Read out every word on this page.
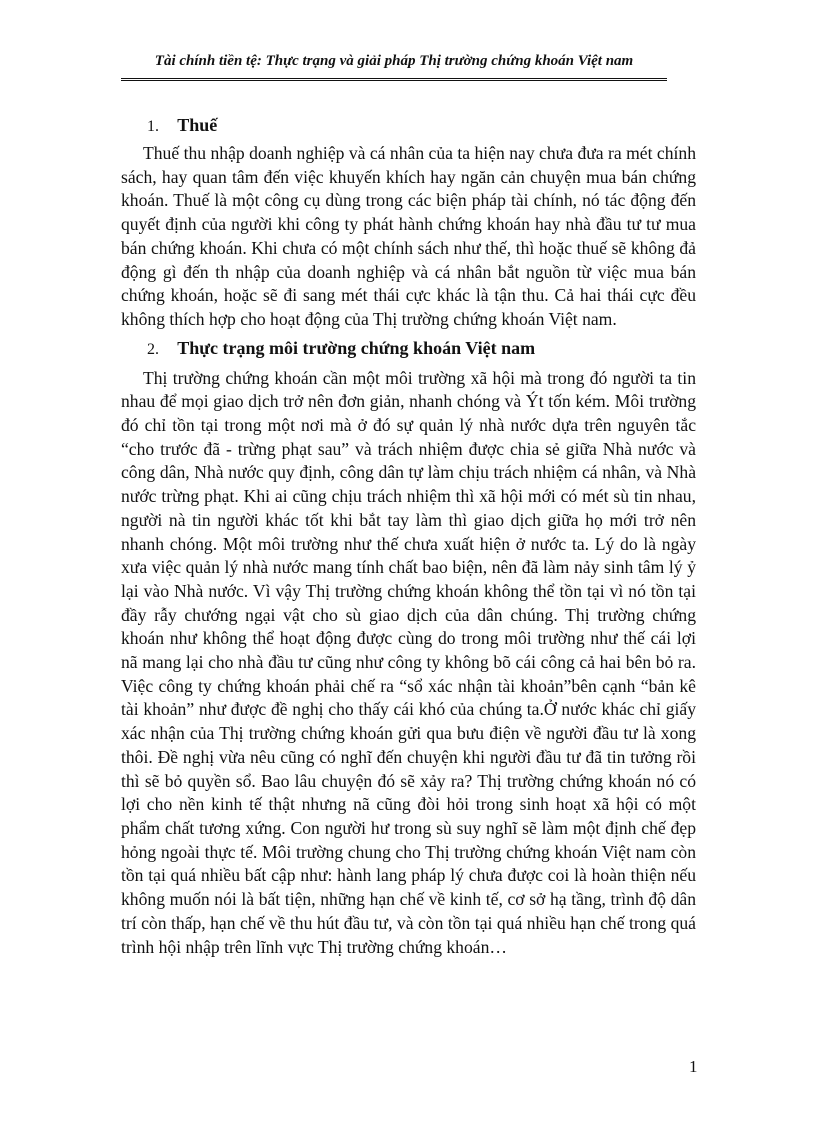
Tài chính tiền tệ: Thực trạng và giải pháp Thị trường chứng khoán Việt nam
1. Thuế

Thuế thu nhập doanh nghiệp và cá nhân của ta hiện nay chưa đưa ra mét chính sách, hay quan tâm đến việc khuyến khích hay ngăn cản chuyện mua bán chứng khoán. Thuế là một công cụ dùng trong các biện pháp tài chính, nó tác động đến quyết định của người khi công ty phát hành chứng khoán hay nhà đầu tư tư mua bán chứng khoán. Khi chưa có một chính sách như thế, thì hoặc thuế sẽ không đả động gì đến th nhập của doanh nghiệp và cá nhân bắt nguồn từ việc mua bán chứng khoán, hoặc sẽ đi sang mét thái cực khác là tận thu. Cả hai thái cực đều không thích hợp cho hoạt động của Thị trường chứng khoán Việt nam.

2. Thực trạng môi trường chứng khoán Việt nam

Thị trường chứng khoán cần một môi trường xã hội mà trong đó người ta tin nhau để mọi giao dịch trở nên đơn giản, nhanh chóng và Ýt tốn kém. Môi trường đó chỉ tồn tại trong một nơi mà ở đó sự quản lý nhà nước dựa trên nguyên tắc “cho trước đã - trừng phạt sau” và trách nhiệm được chia sẻ giữa Nhà nước và công dân, Nhà nước quy định, công dân tự làm chịu trách nhiệm cá nhân, và Nhà nước trừng phạt. Khi ai cũng chịu trách nhiệm thì xã hội mới có mét sù tin nhau, người nà tin người khác tốt khi bắt tay làm thì giao dịch giữa họ mới trở nên nhanh chóng. Một môi trường như thế chưa xuất hiện ở nước ta. Lý do là ngày xưa việc quản lý nhà nước mang tính chất bao biện, nên đã làm nảy sinh tâm lý ỷ lại vào Nhà nước. Vì vậy Thị trường chứng khoán không thể tồn tại vì nó tồn tại đầy rẫy chướng ngại vật cho sù giao dịch của dân chúng. Thị trường chứng khoán như không thể hoạt động được cùng do trong môi trường như thế cái lợi nã mang lại cho nhà đầu tư cũng như công ty không bõ cái công cả hai bên bỏ ra. Việc công ty chứng khoán phải chế ra “sổ xác nhận tài khoản”bên cạnh “bản kê tài khoản” như được đề nghị cho thấy cái khó của chúng ta.Ở nước khác chỉ giấy xác nhận của Thị trường chứng khoán gửi qua bưu điện về người đầu tư là xong thôi. Đề nghị vừa nêu cũng có nghĩ đến chuyện khi người đầu tư đã tin tưởng rồi thì sẽ bỏ quyền sổ. Bao lâu chuyện đó sẽ xảy ra? Thị trường chứng khoán nó có lợi cho nền kinh tế thật nhưng nã cũng đòi hỏi trong sinh hoạt xã hội có một phẩm chất tương xứng. Con người hư trong sù suy nghĩ sẽ làm một định chế đẹp hỏng ngoài thực tế. Môi trường chung cho Thị trường chứng khoán Việt nam còn tồn tại quá nhiều bất cập như: hành lang pháp lý chưa được coi là hoàn thiện nếu không muốn nói là bất tiện, những hạn chế về kinh tế, cơ sở hạ tầng, trình độ dân trí còn thấp, hạn chế về thu hút đầu tư, và còn tồn tại quá nhiều hạn chế trong quá trình hội nhập trên lĩnh vực Thị trường chứng khoán…

1
